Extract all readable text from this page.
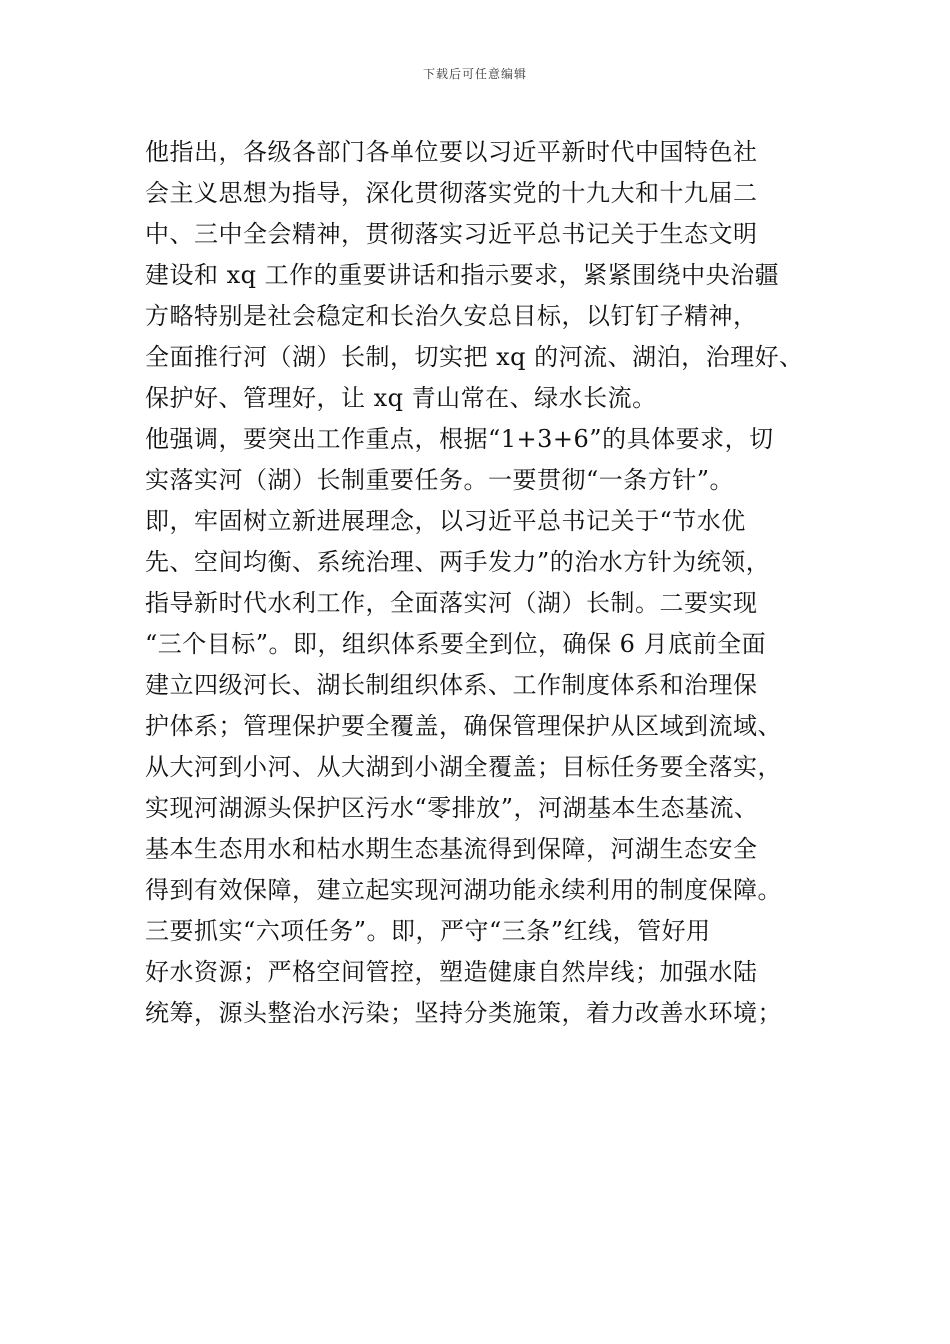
下载后可任意编辑
他指出，各级各部门各单位要以习近平新时代中国特色社
会主义思想为指导，深化贯彻落实党的十九大和十九届二
中、三中全会精神，贯彻落实习近平总书记关于生态文明
建设和 xq 工作的重要讲话和指示要求，紧紧围绕中央治疆
方略特别是社会稳定和长治久安总目标，以钉钉子精神，
全面推行河（湖）长制，切实把 xq 的河流、湖泊，治理好、
保护好、管理好，让 xq 青山常在、绿水长流。
他强调，要突出工作重点，根据“1+3+6”的具体要求，切
实落实河（湖）长制重要任务。一要贯彻“一条方针”。
即，牢固树立新进展理念，以习近平总书记关于“节水优
先、空间均衡、系统治理、两手发力”的治水方针为统领，
指导新时代水利工作，全面落实河（湖）长制。二要实现
“三个目标”。即，组织体系要全到位，确保 6 月底前全面
建立四级河长、湖长制组织体系、工作制度体系和治理保
护体系；管理保护要全覆盖，确保管理保护从区域到流域、
从大河到小河、从大湖到小湖全覆盖；目标任务要全落实，
实现河湖源头保护区污水“零排放”，河湖基本生态基流、
基本生态用水和枯水期生态基流得到保障，河湖生态安全
得到有效保障，建立起实现河湖功能永续利用的制度保障。
三要抓实“六项任务”。即，严守“三条”红线，管好用
好水资源；严格空间管控，塑造健康自然岸线；加强水陆
统筹，源头整治水污染；坚持分类施策，着力改善水环境；
